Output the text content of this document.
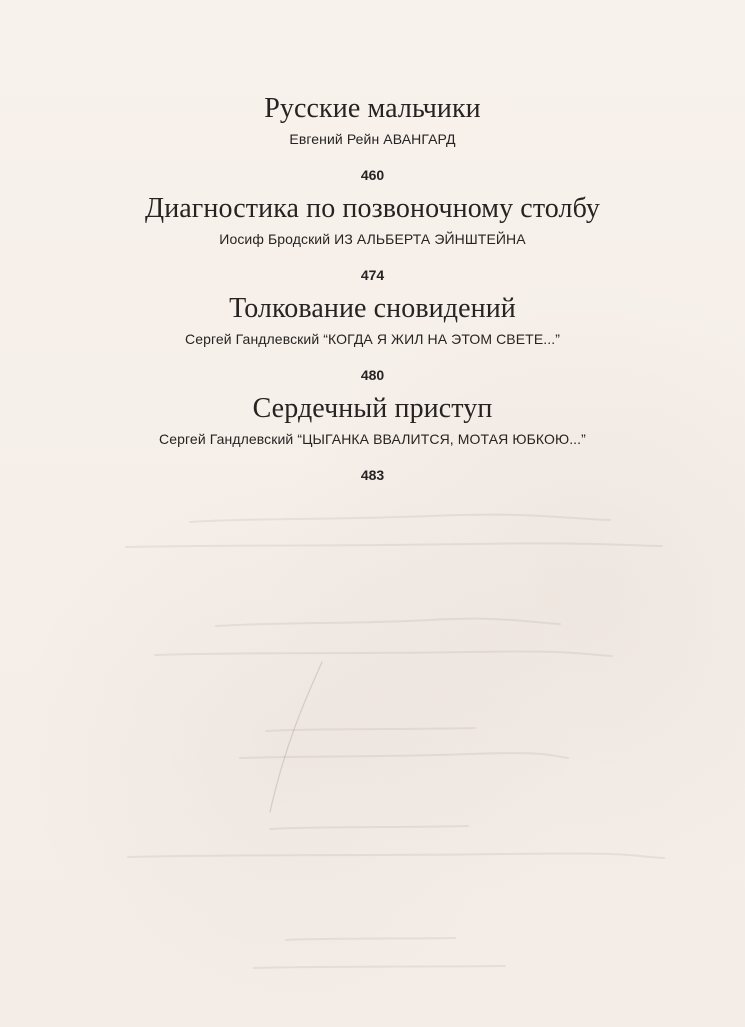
Русские мальчики
Евгений Рейн АВАНГАРД
460
Диагностика по позвоночному столбу
Иосиф Бродский ИЗ АЛЬБЕРТА ЭЙНШТЕЙНА
474
Толкование сновидений
Сергей Гандлевский “КОГДА Я ЖИЛ НА ЭТОМ СВЕТЕ...”
480
Сердечный приступ
Сергей Гандлевский “ЦЫГАНКА ВВАЛИТСЯ, МОТАЯ ЮБКОЮ...”
483
